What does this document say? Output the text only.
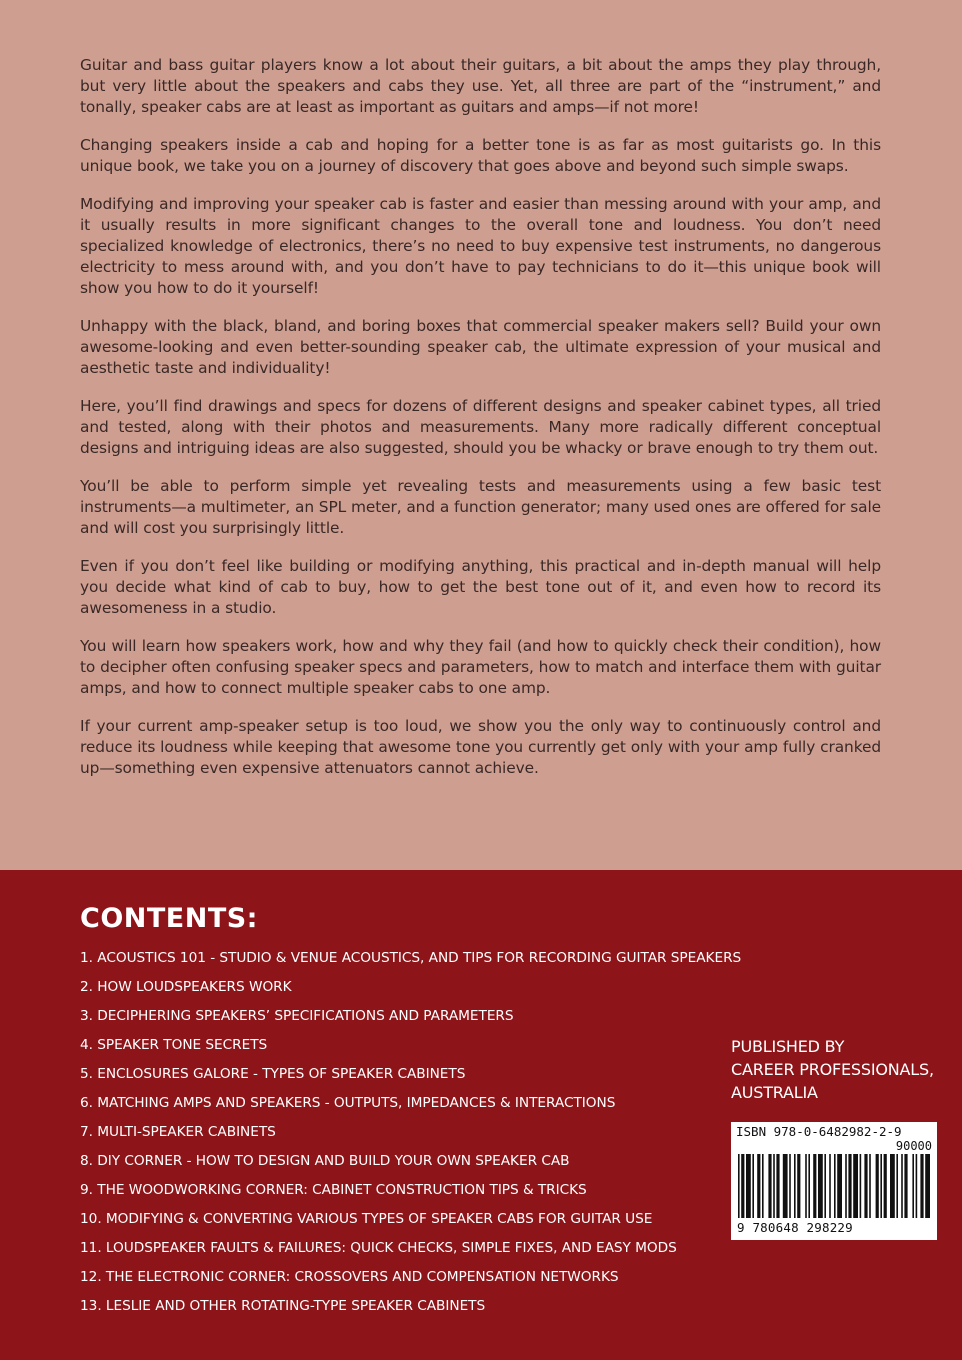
Guitar and bass guitar players know a lot about their guitars, a bit about the amps they play through, but very little about the speakers and cabs they use. Yet, all three are part of the “instrument,” and tonally, speaker cabs are at least as important as guitars and amps—if not more!

Changing speakers inside a cab and hoping for a better tone is as far as most guitarists go. In this unique book, we take you on a journey of discovery that goes above and beyond such simple swaps.

Modifying and improving your speaker cab is faster and easier than messing around with your amp, and it usually results in more significant changes to the overall tone and loudness. You don’t need specialized knowledge of electronics, there’s no need to buy expensive test instruments, no dangerous electricity to mess around with, and you don’t have to pay technicians to do it—this unique book will show you how to do it yourself!

Unhappy with the black, bland, and boring boxes that commercial speaker makers sell? Build your own awesome-looking and even better-sounding speaker cab, the ultimate expression of your musical and aesthetic taste and individuality!

Here, you’ll find drawings and specs for dozens of different designs and speaker cabinet types, all tried and tested, along with their photos and measurements. Many more radically different conceptual designs and intriguing ideas are also suggested, should you be whacky or brave enough to try them out.

You’ll be able to perform simple yet revealing tests and measurements using a few basic test instruments—a multimeter, an SPL meter, and a function generator; many used ones are offered for sale and will cost you surprisingly little.

Even if you don’t feel like building or modifying anything, this practical and in-depth manual will help you decide what kind of cab to buy, how to get the best tone out of it, and even how to record its awesomeness in a studio.

You will learn how speakers work, how and why they fail (and how to quickly check their condition), how to decipher often confusing speaker specs and parameters, how to match and interface them with guitar amps, and how to connect multiple speaker cabs to one amp.

If your current amp-speaker setup is too loud, we show you the only way to continuously control and reduce its loudness while keeping that awesome tone you currently get only with your amp fully cranked up—something even expensive attenuators cannot achieve.

CONTENTS:
1. ACOUSTICS 101 - STUDIO & VENUE ACOUSTICS, AND TIPS FOR RECORDING GUITAR SPEAKERS
2. HOW LOUDSPEAKERS WORK
3. DECIPHERING SPEAKERS’ SPECIFICATIONS AND PARAMETERS
4. SPEAKER TONE SECRETS
5. ENCLOSURES GALORE - TYPES OF SPEAKER CABINETS
6. MATCHING AMPS AND SPEAKERS - OUTPUTS, IMPEDANCES & INTERACTIONS
7. MULTI-SPEAKER CABINETS
8. DIY CORNER - HOW TO DESIGN AND BUILD YOUR OWN SPEAKER CAB
9. THE WOODWORKING CORNER: CABINET CONSTRUCTION TIPS & TRICKS
10. MODIFYING & CONVERTING VARIOUS TYPES OF SPEAKER CABS FOR GUITAR USE
11. LOUDSPEAKER FAULTS & FAILURES: QUICK CHECKS, SIMPLE FIXES, AND EASY MODS
12. THE ELECTRONIC CORNER: CROSSOVERS AND COMPENSATION NETWORKS
13. LESLIE AND OTHER ROTATING-TYPE SPEAKER CABINETS
PUBLISHED BY
CAREER PROFESSIONALS,
AUSTRALIA
ISBN 978-0-6482982-2-9
90000
9 780648 298229
